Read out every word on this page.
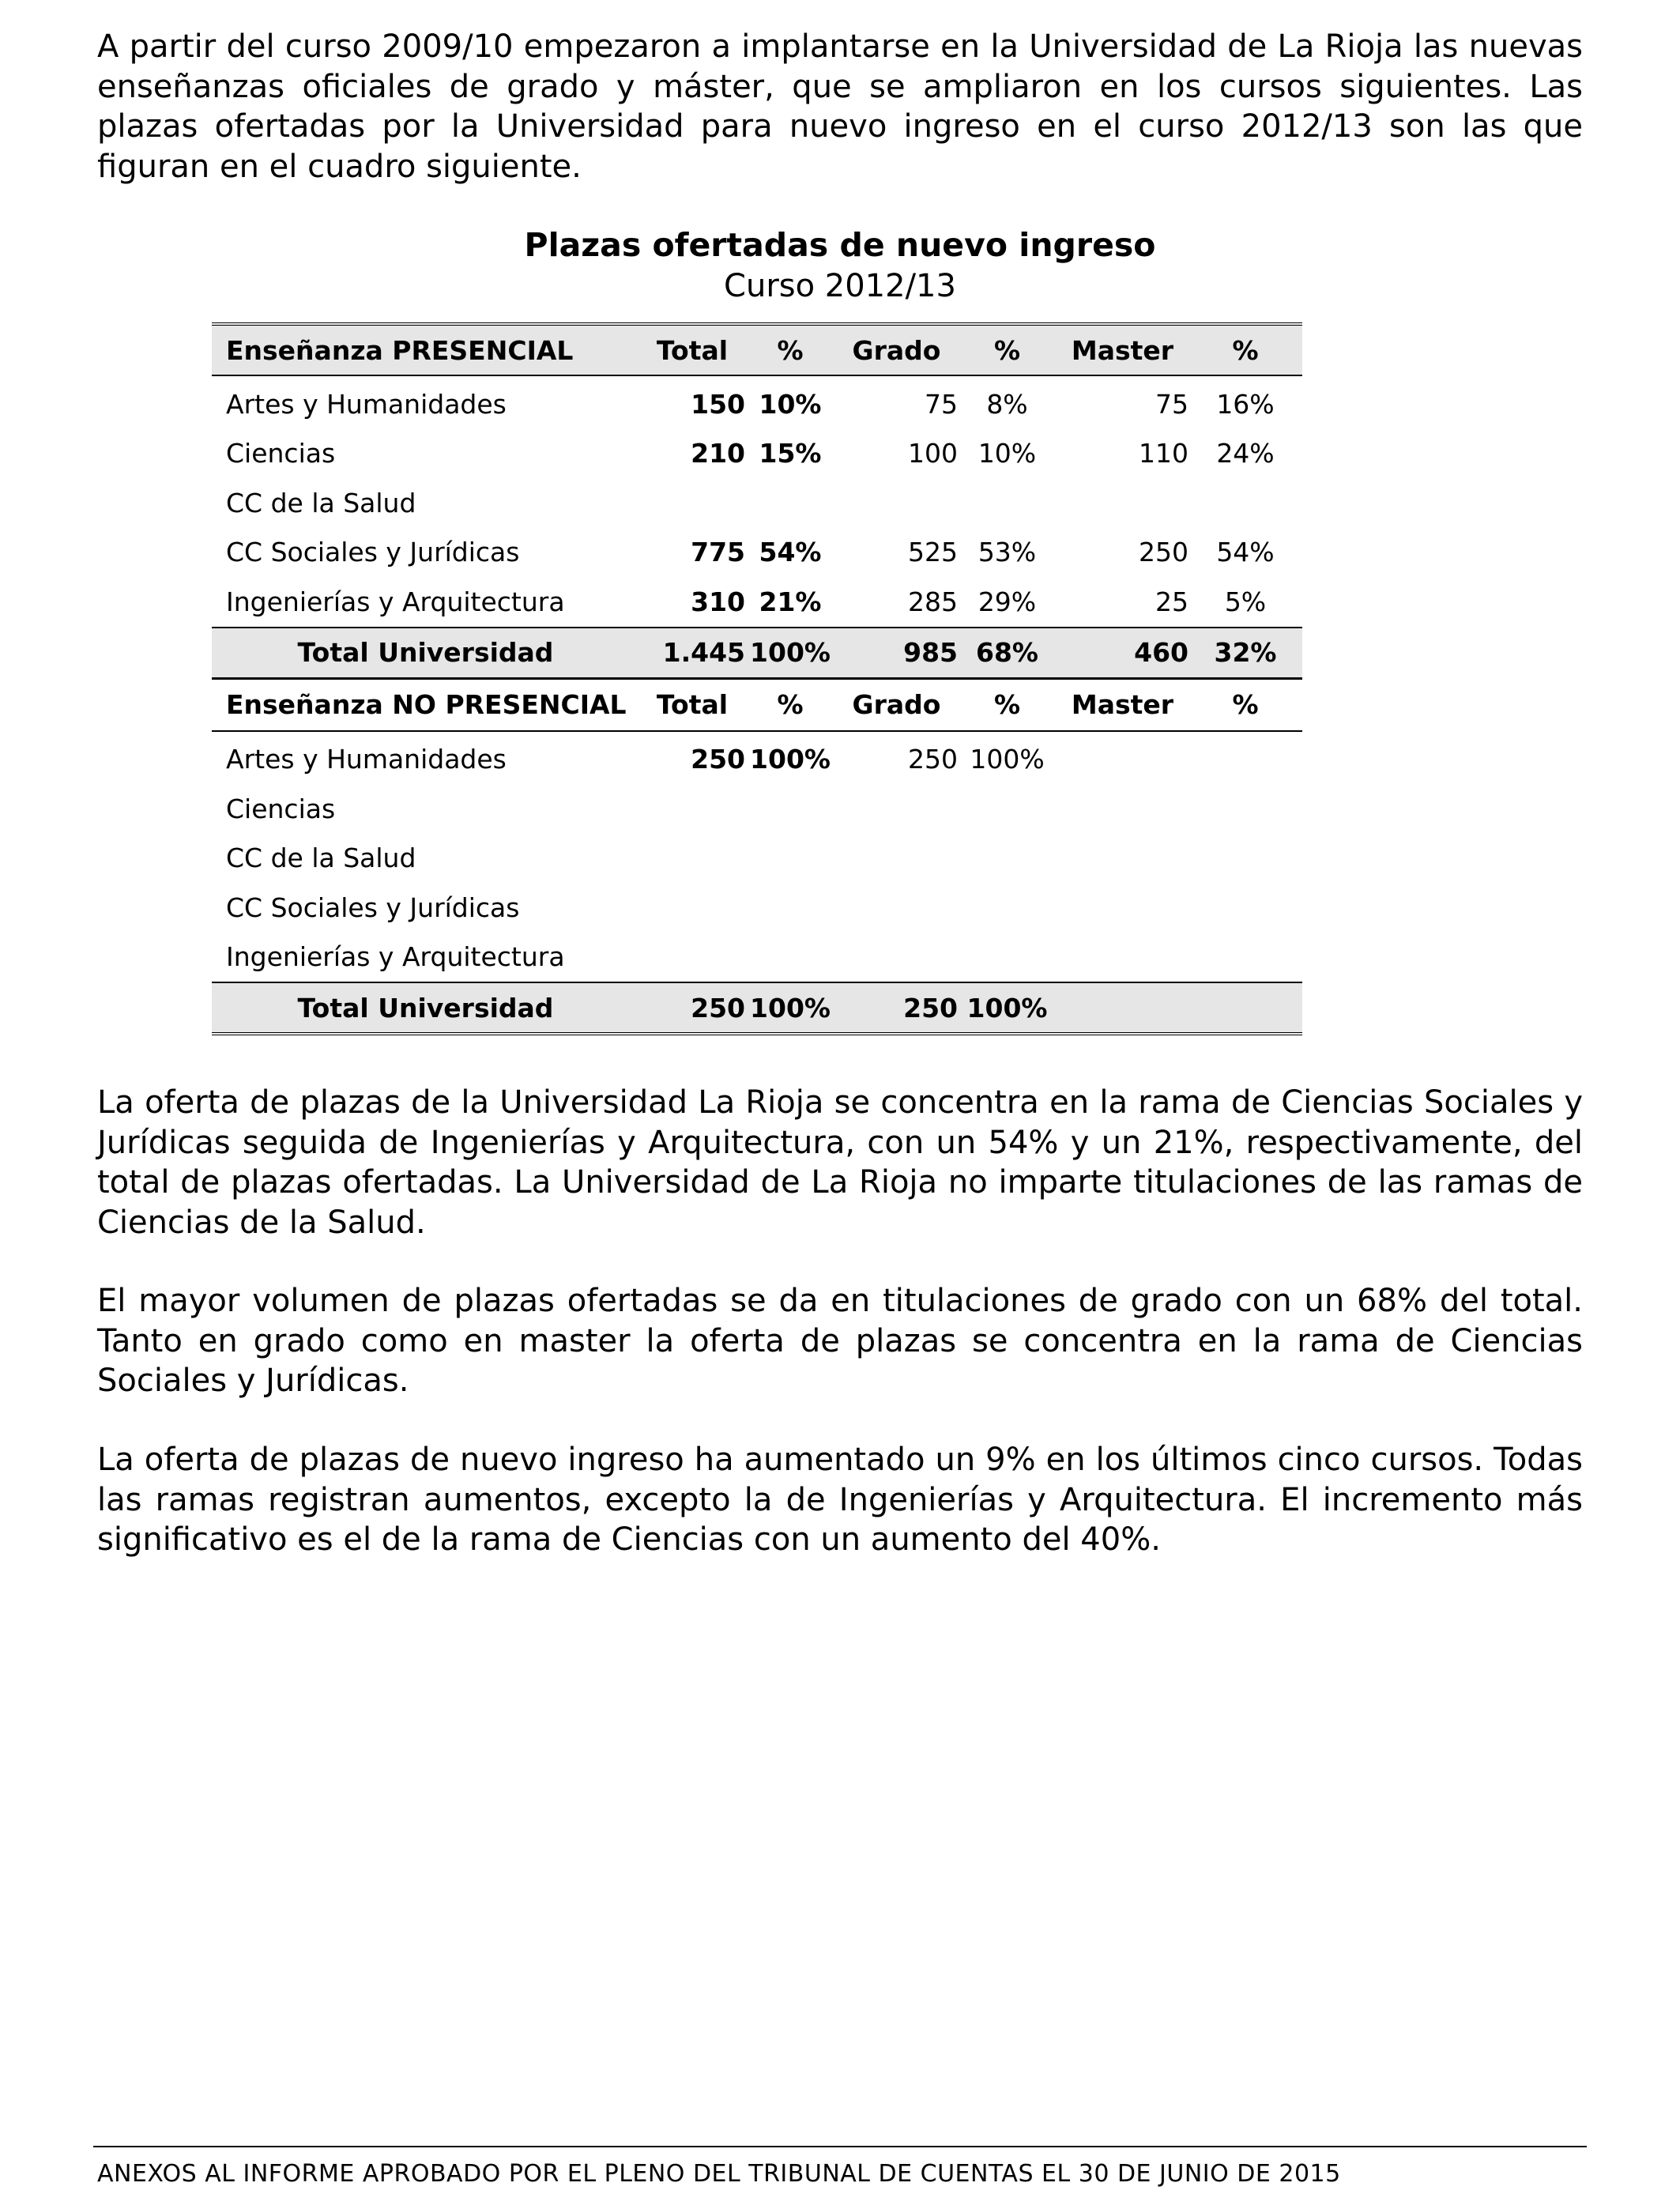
A partir del curso 2009/10 empezaron a implantarse en la Universidad de La Rioja las nuevas enseñanzas oficiales de grado y máster, que se ampliaron en los cursos siguientes. Las plazas ofertadas por la Universidad para nuevo ingreso en el curso 2012/13 son las que figuran en el cuadro siguiente.

Plazas ofertadas de nuevo ingreso
Curso 2012/13
Enseñanza PRESENCIAL	Total	%	Grado	%	Master	%
Artes y Humanidades	150	10%	75	8%	75	16%
Ciencias	210	15%	100	10%	110	24%
CC de la Salud						
CC Sociales y Jurídicas	775	54%	525	53%	250	54%
Ingenierías y Arquitectura	310	21%	285	29%	25	5%
Total Universidad	1.445	100%	985	68%	460	32%
Enseñanza NO PRESENCIAL	Total	%	Grado	%	Master	%
Artes y Humanidades	250	100%	250	100%		
Ciencias						
CC de la Salud						
CC Sociales y Jurídicas						
Ingenierías y Arquitectura						
Total Universidad	250	100%	250	100%		

La oferta de plazas de la Universidad La Rioja se concentra en la rama de Ciencias Sociales y Jurídicas seguida de Ingenierías y Arquitectura, con un 54% y un 21%, respectivamente, del total de plazas ofertadas. La Universidad de La Rioja no imparte titulaciones de las ramas de Ciencias de la Salud.

El mayor volumen de plazas ofertadas se da en titulaciones de grado con un 68% del total. Tanto en grado como en master la oferta de plazas se concentra en la rama de Ciencias Sociales y Jurídicas.

La oferta de plazas de nuevo ingreso ha aumentado un 9% en los últimos cinco cursos. Todas las ramas registran aumentos, excepto la de Ingenierías y Arquitectura. El incremento más significativo es el de la rama de Ciencias con un aumento del 40%.

ANEXOS AL INFORME APROBADO POR EL PLENO DEL TRIBUNAL DE CUENTAS EL 30 DE JUNIO DE 2015
